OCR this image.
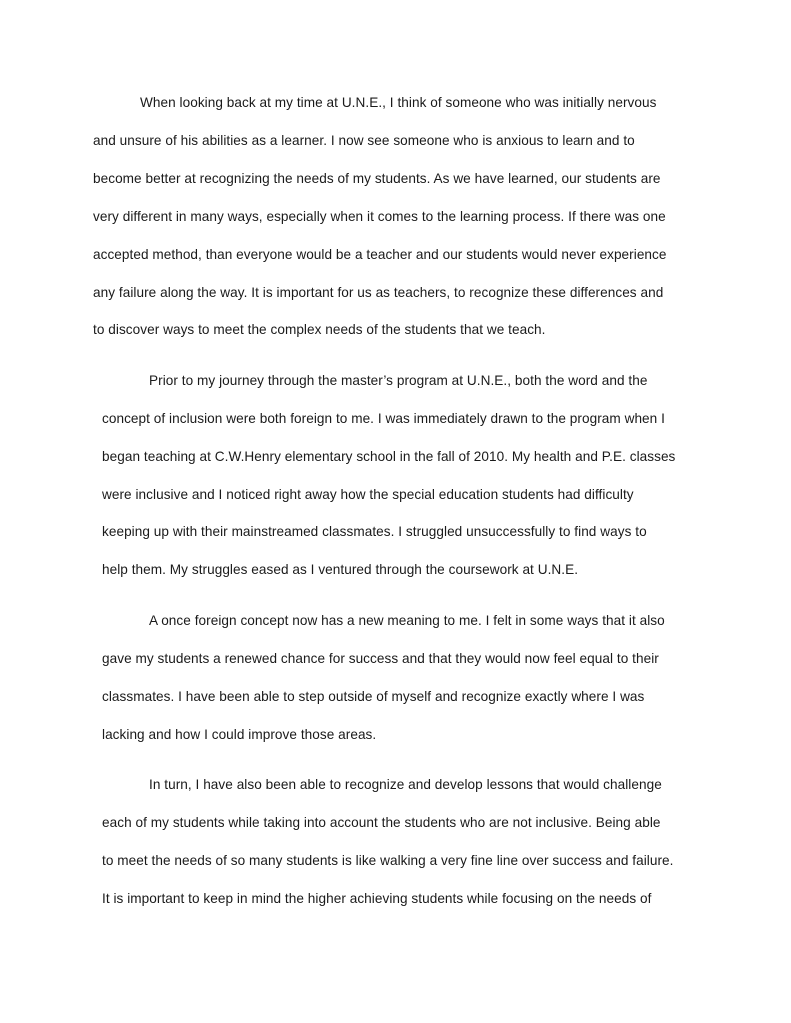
When looking back at my time at U.N.E., I think of someone who was initially nervous
and unsure of his abilities as a learner. I now see someone who is anxious to learn and to
become better at recognizing the needs of my students. As we have learned, our students are
very different in many ways, especially when it comes to the learning process. If there was one
accepted method, than everyone would be a teacher and our students would never experience
any failure along the way. It is important for us as teachers, to recognize these differences and
to discover ways to meet the complex needs of the students that we teach.
Prior to my journey through the master’s program at U.N.E., both the word and the
concept of inclusion were both foreign to me. I was immediately drawn to the program when I
began teaching at C.W.Henry elementary school in the fall of 2010. My health and P.E. classes
were inclusive and I noticed right away how the special education students had difficulty
keeping up with their mainstreamed classmates. I struggled unsuccessfully to find ways to
help them. My struggles eased as I ventured through the coursework at U.N.E.
A once foreign concept now has a new meaning to me. I felt in some ways that it also
gave my students a renewed chance for success and that they would now feel equal to their
classmates. I have been able to step outside of myself and recognize exactly where I was
lacking and how I could improve those areas.
In turn, I have also been able to recognize and develop lessons that would challenge
each of my students while taking into account the students who are not inclusive. Being able
to meet the needs of so many students is like walking a very fine line over success and failure.
It is important to keep in mind the higher achieving students while focusing on the needs of
